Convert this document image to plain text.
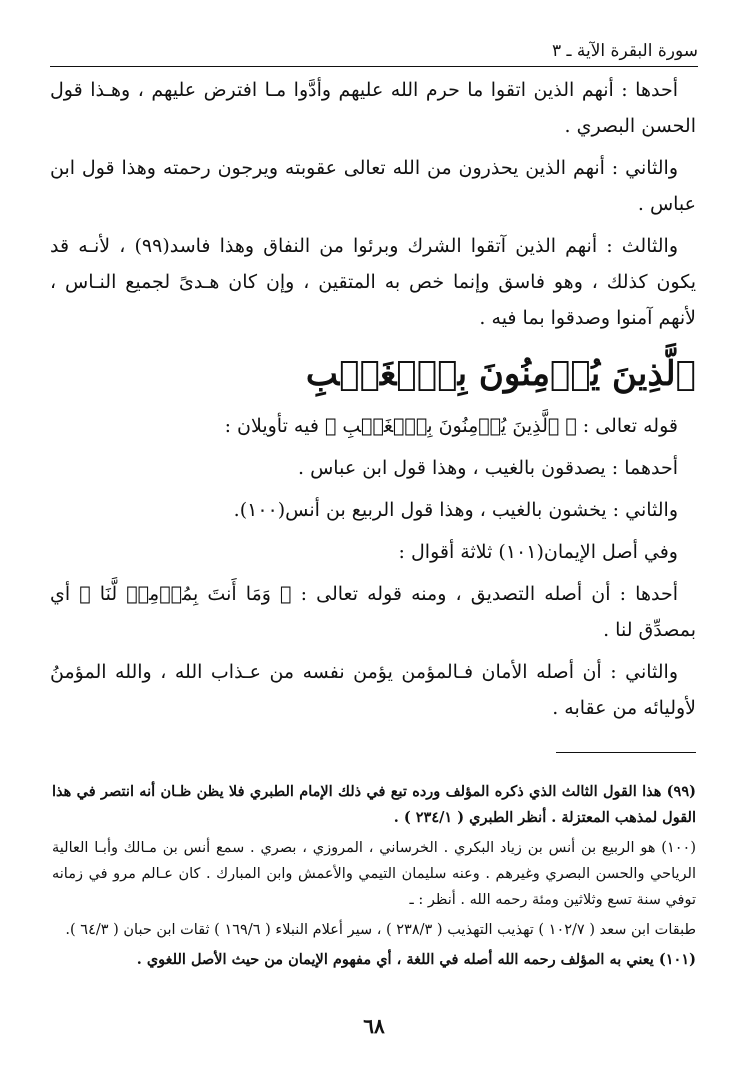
سورة البقرة الآية ـ ٣

أحدها : أنهم الذين اتقوا ما حرم الله عليهم وأدَّوا مـا افترض عليهم ، وهـذا قول الحسن البصري .

والثاني : أنهم الذين يحذرون من الله تعالى عقوبته ويرجون رحمته وهذا قول ابن عباس .

والثالث : أنهم الذين آتقوا الشرك وبرئوا من النفاق وهذا فاسد(٩٩) ، لأنـه قد يكون كذلك ، وهو فاسق وإنما خص به المتقين ، وإن كان هـدىً لجميع النـاس ، لأنهم آمنوا وصدقوا بما فيه .

ٱلَّذِينَ يُؤۡمِنُونَ بِٱلۡغَيۡبِ

قوله تعالى : ﴿ ٱلَّذِينَ يُؤۡمِنُونَ بِٱلۡغَيۡبِ ﴾ فيه تأويلان :

أحدهما : يصدقون بالغيب ، وهذا قول ابن عباس .

والثاني : يخشون بالغيب ، وهذا قول الربيع بن أنس(١٠٠).

وفي أصل الإيمان(١٠١) ثلاثة أقوال :

أحدها : أن أصله التصديق ، ومنه قوله تعالى : ﴿ وَمَا أَنتَ بِمُؤۡمِنٖ لَّنَا ﴾ أي بمصدِّق لنا .

والثاني : أن أصله الأمان فـالمؤمن يؤمن نفسه من عـذاب الله ، والله المؤمنُ لأوليائه من عقابه .

(٩٩) هذا القول الثالث الذي ذكره المؤلف ورده تبع في ذلك الإمام الطبري فلا يظن ظـان أنه انتصر في هذا القول لمذهب المعتزلة . أنظر الطبري ( ٢٣٤/١ ) .

(١٠٠) هو الربيع بن أنس بن زياد البكري . الخرساني ، المروزي ، بصري . سمع أنس بن مـالك وأبـا العالية الرياحي والحسن البصري وغيرهم . وعنه سليمان التيمي والأعمش وابن المبارك . كان عـالم مرو في زمانه توفي سنة تسع وثلاثين ومئة رحمه الله . أنظر : ـ

طبقات ابن سعد ( ١٠٢/٧ ) تهذيب التهذيب ( ٢٣٨/٣ ) ، سير أعلام النبلاء ( ١٦٩/٦ ) ثقات ابن حبان ( ٦٤/٣ ).

(١٠١) يعني به المؤلف رحمه الله أصله في اللغة ، أي مفهوم الإيمان من حيث الأصل اللغوي .

٦٨
